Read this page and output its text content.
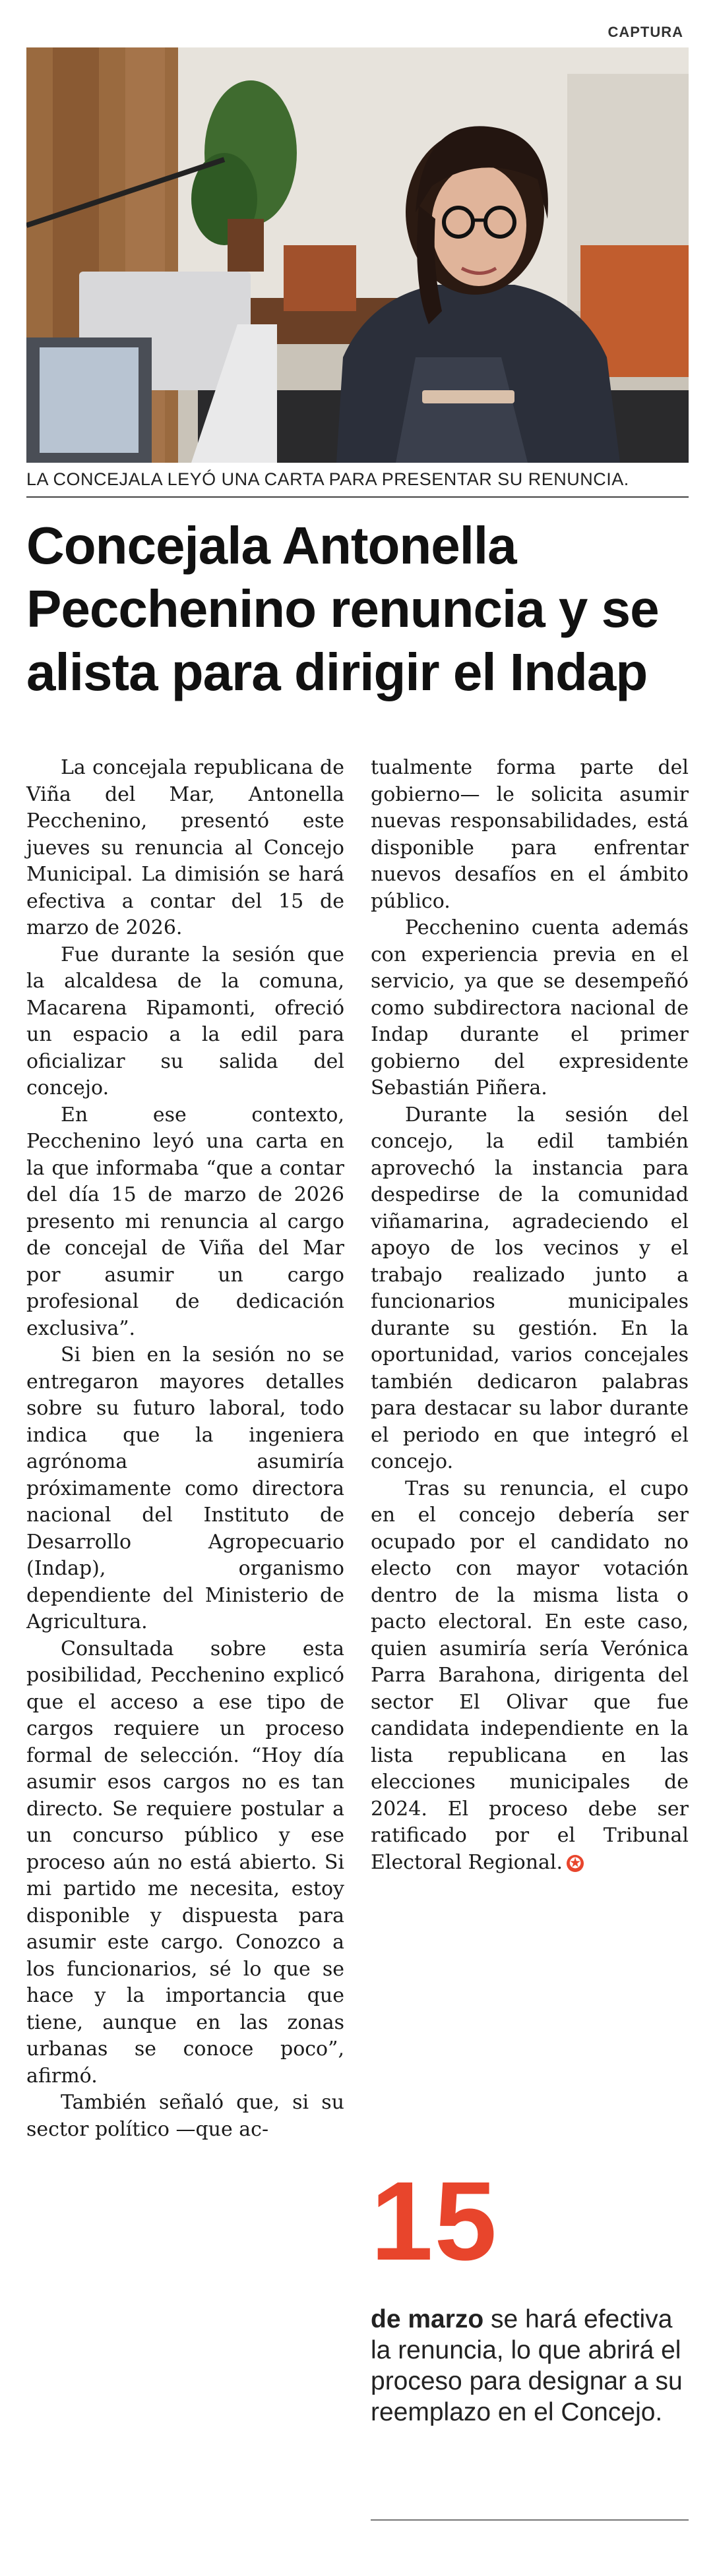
CAPTURA
LA CONCEJALA LEYÓ UNA CARTA PARA PRESENTAR SU RENUNCIA.
Concejala Antonella Pecchenino renuncia y se alista para dirigir el Indap

La concejala republicana de Viña del Mar, Antonella Pecchenino, presentó este jueves su renuncia al Concejo Municipal. La dimisión se hará efectiva a contar del 15 de marzo de 2026.

Fue durante la sesión que la alcaldesa de la comuna, Macarena Ripamonti, ofreció un espacio a la edil para oficializar su salida del concejo.

En ese contexto, Pecchenino leyó una carta en la que informaba “que a contar del día 15 de marzo de 2026 presento mi renuncia al cargo de concejal de Viña del Mar por asumir un cargo profesional de dedicación exclusiva”.

Si bien en la sesión no se entregaron mayores detalles sobre su futuro laboral, todo indica que la ingeniera agrónoma asumiría próximamente como directora nacional del Instituto de Desarrollo Agropecuario (Indap), organismo dependiente del Ministerio de Agricultura.

Consultada sobre esta posibilidad, Pecchenino explicó que el acceso a ese tipo de cargos requiere un proceso formal de selección. “Hoy día asumir esos cargos no es tan directo. Se requiere postular a un concurso público y ese proceso aún no está abierto. Si mi partido me necesita, estoy disponible y dispuesta para asumir este cargo. Conozco a los funcionarios, sé lo que se hace y la importancia que tiene, aunque en las zonas urbanas se conoce poco”, afirmó.

También señaló que, si su sector político —que ac-

tualmente forma parte del gobierno— le solicita asumir nuevas responsabilidades, está disponible para enfrentar nuevos desafíos en el ámbito público.

Pecchenino cuenta además con experiencia previa en el servicio, ya que se desempeñó como subdirectora nacional de Indap durante el primer gobierno del expresidente Sebastián Piñera.

Durante la sesión del concejo, la edil también aprovechó la instancia para despedirse de la comunidad viñamarina, agradeciendo el apoyo de los vecinos y el trabajo realizado junto a funcionarios municipales durante su gestión. En la oportunidad, varios concejales también dedicaron palabras para destacar su labor durante el periodo en que integró el concejo.

Tras su renuncia, el cupo en el concejo debería ser ocupado por el candidato no electo con mayor votación dentro de la misma lista o pacto electoral. En este caso, quien asumiría sería Verónica Parra Barahona, dirigenta del sector El Olivar que fue candidata independiente en la lista republicana en las elecciones municipales de 2024. El proceso debe ser ratificado por el Tribunal Electoral Regional. ✪

15
de marzo se hará efectiva la renuncia, lo que abrirá el proceso para designar a su reemplazo en el Concejo.
